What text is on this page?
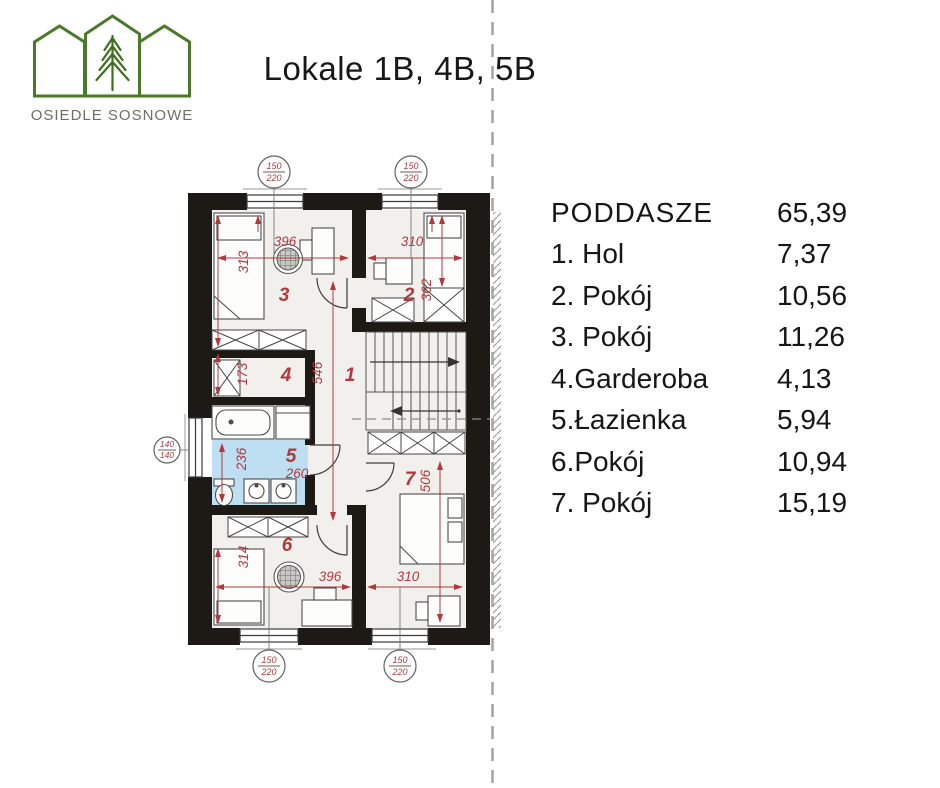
396	310
313
362
173	546
236
260	506
314
396	310
1
2
3
4
5
6
7
150
220
150
220
150
220
150
220
140
140
OSIEDLE SOSNOWE
Lokale 1B, 4B, 5B
PODDASZE	65,39
1. Hol	7,37
2. Pokój	10,56
3. Pokój	11,26
4.Garderoba	4,13
5.Łazienka	5,94
6.Pokój	10,94
7. Pokój	15,19
